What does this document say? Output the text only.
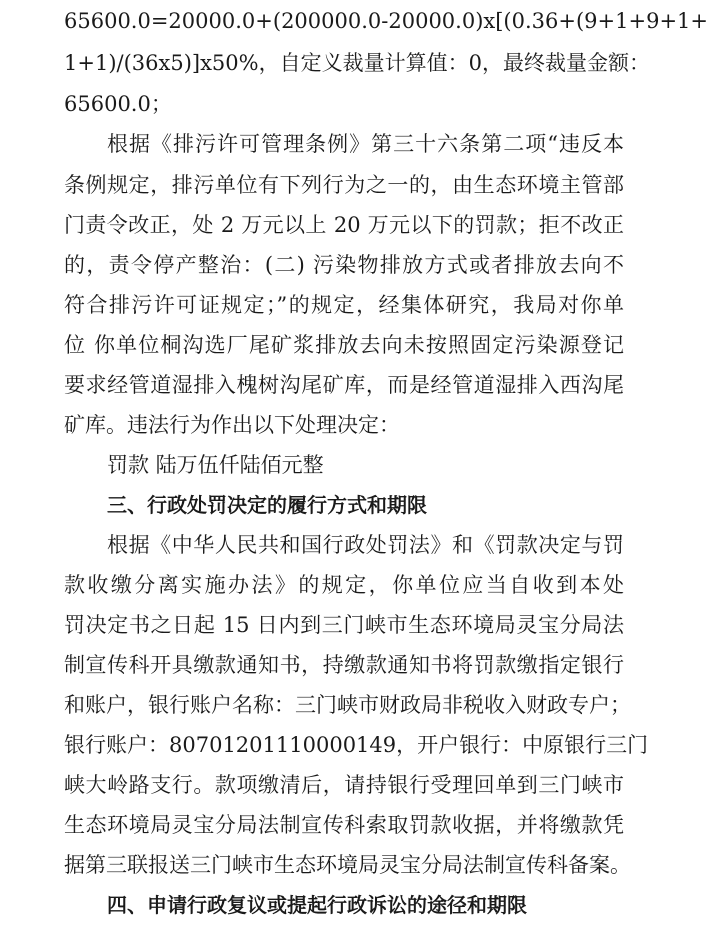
65600.0=20000.0+(200000.0-20000.0)x[(0.36+(9+1+9+1+
1+1)/(36x5)]x50%，自定义裁量计算值：0，最终裁量金额：
65600.0；
根据《排污许可管理条例》第三十六条第二项“违反本
条例规定，排污单位有下列行为之一的，由生态环境主管部
门责令改正，处 2 万元以上 20 万元以下的罚款；拒不改正
的，责令停产整治：(二) 污染物排放方式或者排放去向不
符合排污许可证规定；”的规定，经集体研究，我局对你单
位 你单位桐沟选厂尾矿浆排放去向未按照固定污染源登记
要求经管道湿排入槐树沟尾矿库，而是经管道湿排入西沟尾
矿库。违法行为作出以下处理决定：
罚款 陆万伍仟陆佰元整
三、行政处罚决定的履行方式和期限
根据《中华人民共和国行政处罚法》和《罚款决定与罚
款收缴分离实施办法》的规定，你单位应当自收到本处
罚决定书之日起 15 日内到三门峡市生态环境局灵宝分局法
制宣传科开具缴款通知书，持缴款通知书将罚款缴指定银行
和账户，银行账户名称：三门峡市财政局非税收入财政专户；
银行账户：80701201110000149，开户银行：中原银行三门
峡大岭路支行。款项缴清后，请持银行受理回单到三门峡市
生态环境局灵宝分局法制宣传科索取罚款收据，并将缴款凭
据第三联报送三门峡市生态环境局灵宝分局法制宣传科备案。
四、申请行政复议或提起行政诉讼的途径和期限
